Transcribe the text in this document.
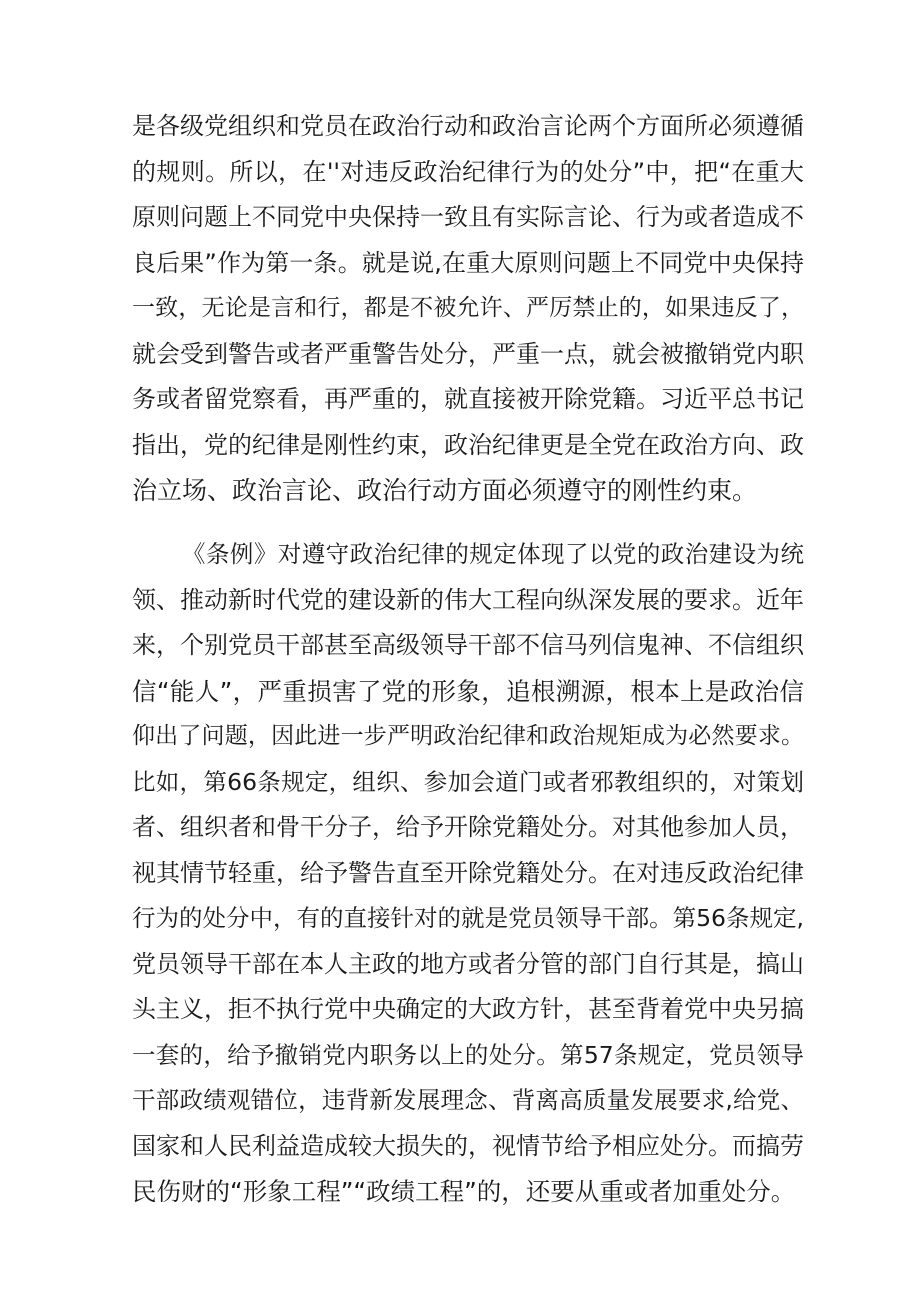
是各级党组织和党员在政治行动和政治言论两个方面所必须遵循
的规则。所以，在''对违反政治纪律行为的处分”中，把“在重大
原则问题上不同党中央保持一致且有实际言论、行为或者造成不
良后果”作为第一条。就是说,在重大原则问题上不同党中央保持
一致，无论是言和行，都是不被允许、严厉禁止的，如果违反了，
就会受到警告或者严重警告处分，严重一点，就会被撤销党内职
务或者留党察看，再严重的，就直接被开除党籍。习近平总书记
指出，党的纪律是刚性约束，政治纪律更是全党在政治方向、政
治立场、政治言论、政治行动方面必须遵守的刚性约束。
《条例》对遵守政治纪律的规定体现了以党的政治建设为统
领、推动新时代党的建设新的伟大工程向纵深发展的要求。近年
来，个别党员干部甚至高级领导干部不信马列信鬼神、不信组织
信“能人”，严重损害了党的形象，追根溯源，根本上是政治信
仰出了问题，因此进一步严明政治纪律和政治规矩成为必然要求。
比如，第66条规定，组织、参加会道门或者邪教组织的，对策划
者、组织者和骨干分子，给予开除党籍处分。对其他参加人员，
视其情节轻重，给予警告直至开除党籍处分。在对违反政治纪律
行为的处分中，有的直接针对的就是党员领导干部。第56条规定,
党员领导干部在本人主政的地方或者分管的部门自行其是，搞山
头主义，拒不执行党中央确定的大政方针，甚至背着党中央另搞
一套的，给予撤销党内职务以上的处分。第57条规定，党员领导
干部政绩观错位，违背新发展理念、背离高质量发展要求,给党、
国家和人民利益造成较大损失的，视情节给予相应处分。而搞劳
民伤财的“形象工程”“政绩工程”的，还要从重或者加重处分。
